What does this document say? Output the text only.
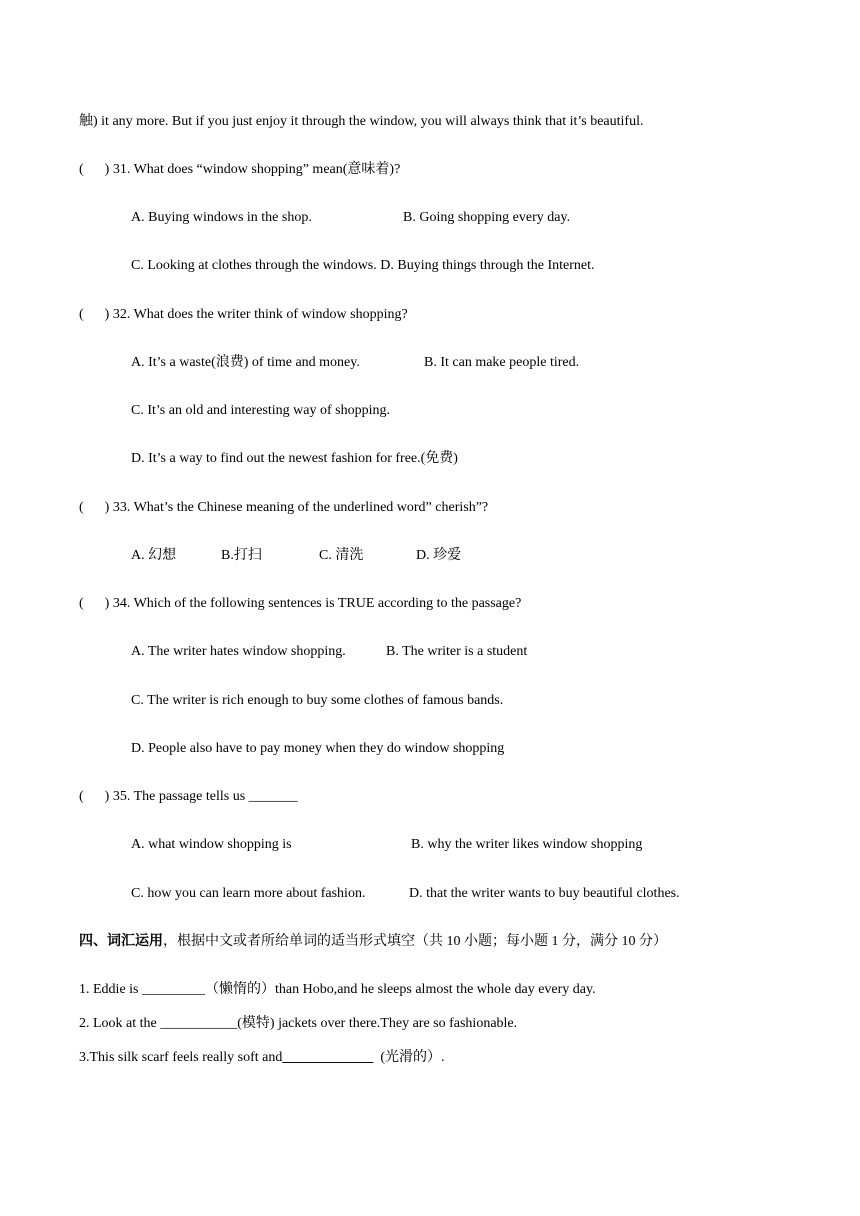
触) it any more. But if you just enjoy it through the window, you will always think that it’s beautiful.
(      ) 31. What does “window shopping” mean(意味着)?
A. Buying windows in the shop.	B. Going shopping every day.
C. Looking at clothes through the windows. D. Buying things through the Internet.
(      ) 32. What does the writer think of window shopping?
A. It’s a waste(浪费) of time and money.	B. It can make people tired.
C. It’s an old and interesting way of shopping.
D. It’s a way to find out the newest fashion for free.(免费)
(      ) 33. What’s the Chinese meaning of the underlined word” cherish”?
A. 幻想	B.打扫	C. 清洗	D. 珍爱
(      ) 34. Which of the following sentences is TRUE according to the passage?
A. The writer hates window shopping.	B. The writer is a student
C. The writer is rich enough to buy some clothes of famous bands.
D. People also have to pay money when they do window shopping
(      ) 35. The passage tells us _______
A. what window shopping is	B. why the writer likes window shopping
C. how you can learn more about fashion.	D. that the writer wants to buy beautiful clothes.
四、词汇运用，根据中文或者所给单词的适当形式填空（共 10 小题；每小题 1 分，满分 10 分）
1. Eddie is _________（懒惰的）than Hobo,and he sleeps almost the whole day every day.
2. Look at the ___________(模特) jackets over there.They are so fashionable.
3.This silk scarf feels really soft and_____________  (光滑的）.
